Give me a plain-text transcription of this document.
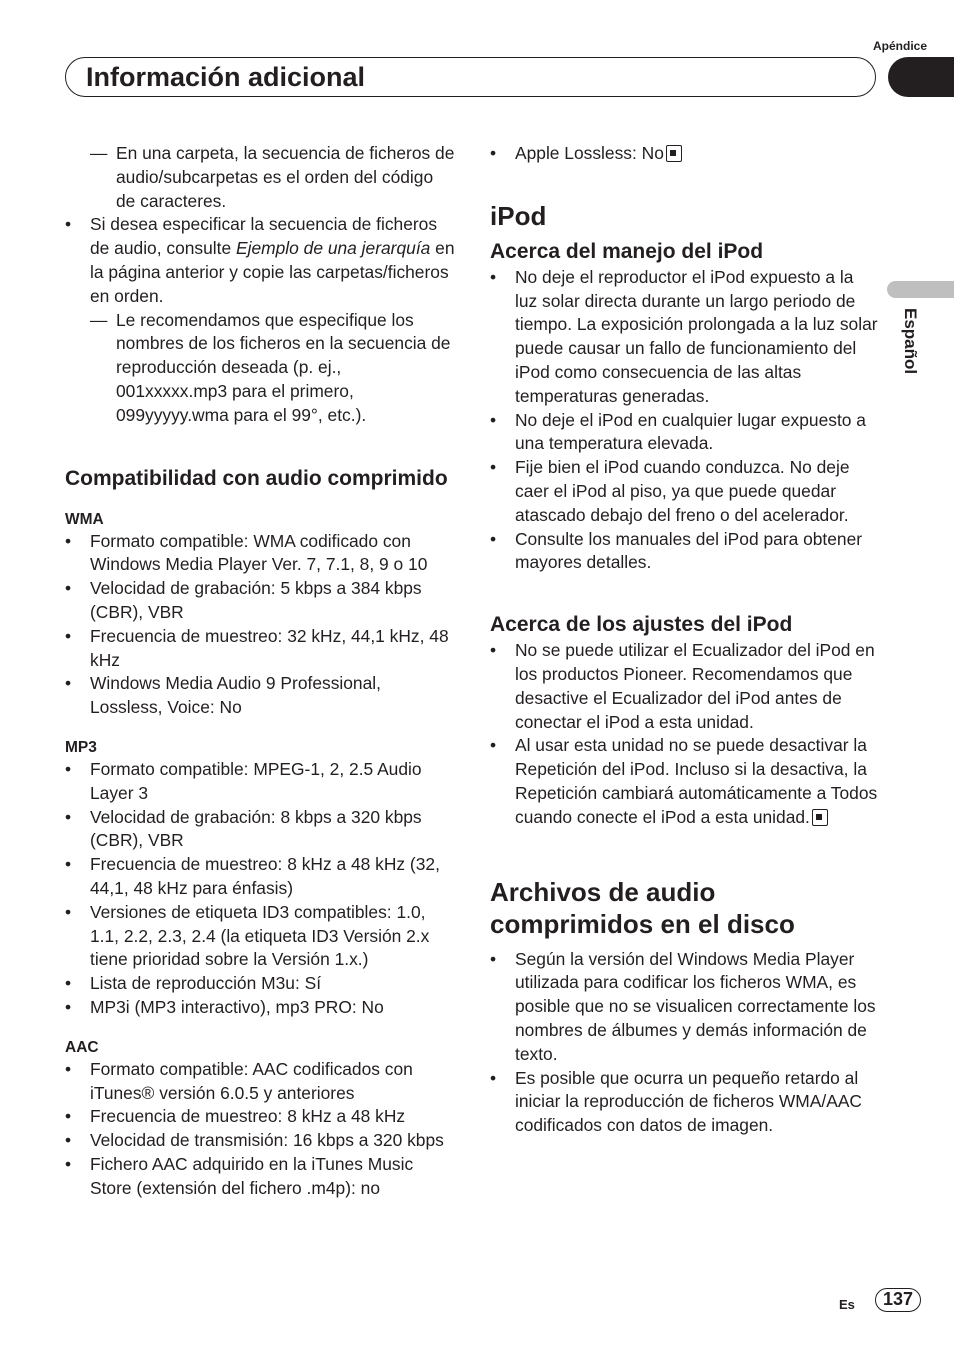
Apéndice
Información adicional
Español

— En una carpeta, la secuencia de ficheros de audio/subcarpetas es el orden del código de caracteres.

• Si desea especificar la secuencia de ficheros de audio, consulte Ejemplo de una jerarquía en la página anterior y copie las carpetas/ficheros en orden.

— Le recomendamos que especifique los nombres de los ficheros en la secuencia de reproducción deseada (p. ej., 001xxxxx.mp3 para el primero, 099yyyyy.wma para el 99°, etc.).

Compatibilidad con audio comprimido
WMA

• Formato compatible: WMA codificado con Windows Media Player Ver. 7, 7.1, 8, 9 o 10

• Velocidad de grabación: 5 kbps a 384 kbps (CBR), VBR

• Frecuencia de muestreo: 32 kHz, 44,1 kHz, 48 kHz

• Windows Media Audio 9 Professional, Lossless, Voice: No

MP3

• Formato compatible: MPEG-1, 2, 2.5 Audio Layer 3

• Velocidad de grabación: 8 kbps a 320 kbps (CBR), VBR

• Frecuencia de muestreo: 8 kHz a 48 kHz (32, 44,1, 48 kHz para énfasis)

• Versiones de etiqueta ID3 compatibles: 1.0, 1.1, 2.2, 2.3, 2.4 (la etiqueta ID3 Versión 2.x tiene prioridad sobre la Versión 1.x.)

• Lista de reproducción M3u: Sí

• MP3i (MP3 interactivo), mp3 PRO: No

AAC

• Formato compatible: AAC codificados con iTunes® versión 6.0.5 y anteriores

• Frecuencia de muestreo: 8 kHz a 48 kHz

• Velocidad de transmisión: 16 kbps a 320 kbps

• Fichero AAC adquirido en la iTunes Music Store (extensión del fichero .m4p): no

• Apple Lossless: No

iPod
Acerca del manejo del iPod

• No deje el reproductor el iPod expuesto a la luz solar directa durante un largo periodo de tiempo. La exposición prolongada a la luz solar puede causar un fallo de funcionamiento del iPod como consecuencia de las altas temperaturas generadas.

• No deje el iPod en cualquier lugar expuesto a una temperatura elevada.

• Fije bien el iPod cuando conduzca. No deje caer el iPod al piso, ya que puede quedar atascado debajo del freno o del acelerador.

• Consulte los manuales del iPod para obtener mayores detalles.

Acerca de los ajustes del iPod

• No se puede utilizar el Ecualizador del iPod en los productos Pioneer. Recomendamos que desactive el Ecualizador del iPod antes de conectar el iPod a esta unidad.

• Al usar esta unidad no se puede desactivar la Repetición del iPod. Incluso si la desactiva, la Repetición cambiará automáticamente a Todos cuando conecte el iPod a esta unidad.

Archivos de audio comprimidos en el disco

• Según la versión del Windows Media Player utilizada para codificar los ficheros WMA, es posible que no se visualicen correctamente los nombres de álbumes y demás información de texto.

• Es posible que ocurra un pequeño retardo al iniciar la reproducción de ficheros WMA/AAC codificados con datos de imagen.

Es	137
